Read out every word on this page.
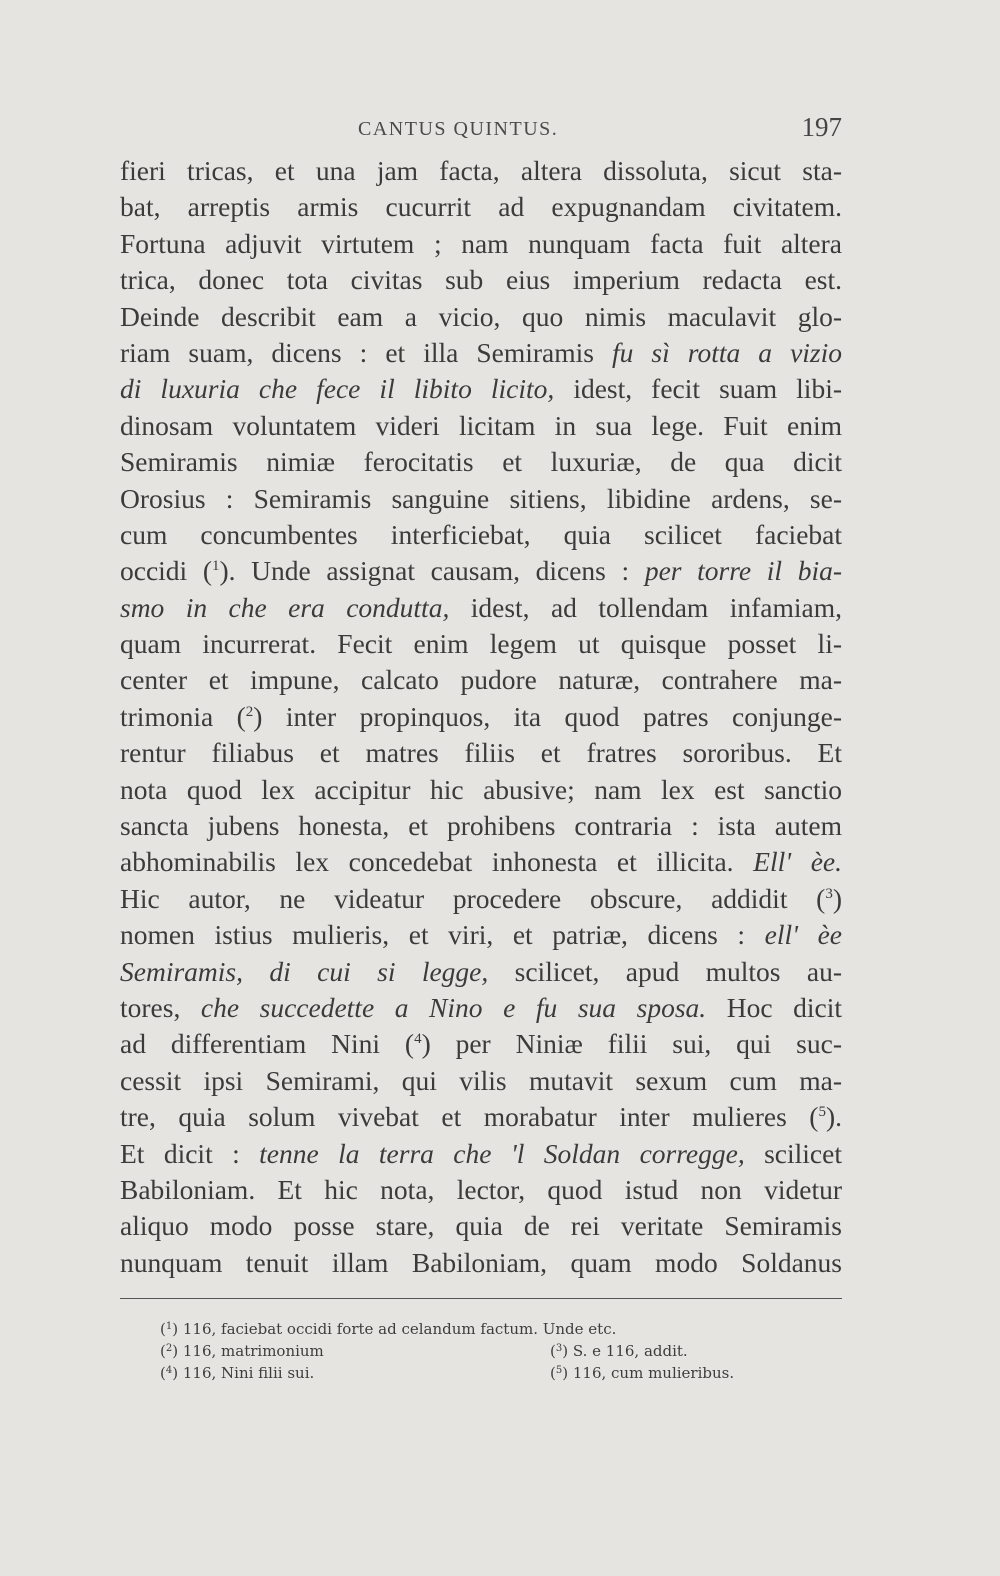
CANTUS QUINTUS.	197
fieri tricas, et una jam facta, altera dissoluta, sicut sta-
bat, arreptis armis cucurrit ad expugnandam civitatem.
Fortuna adjuvit virtutem ; nam nunquam facta fuit altera
trica, donec tota civitas sub eius imperium redacta est.
Deinde describit eam a vicio, quo nimis maculavit glo-
riam suam, dicens : et illa Semiramis fu sì rotta a vizio
di luxuria che fece il libito licito, idest, fecit suam libi-
dinosam voluntatem videri licitam in sua lege. Fuit enim
Semiramis nimiæ ferocitatis et luxuriæ, de qua dicit
Orosius : Semiramis sanguine sitiens, libidine ardens, se-
cum concumbentes interficiebat, quia scilicet faciebat
occidi ($^1$). Unde assignat causam, dicens : per torre il bia-
smo in che era condutta, idest, ad tollendam infamiam,
quam incurrerat. Fecit enim legem ut quisque posset li-
center et impune, calcato pudore naturæ, contrahere ma-
trimonia ($^2$) inter propinquos, ita quod patres conjunge-
rentur filiabus et matres filiis et fratres sororibus. Et
nota quod lex accipitur hic abusive; nam lex est sanctio
sancta jubens honesta, et prohibens contraria : ista autem
abhominabilis lex concedebat inhonesta et illicita. Ell' èe.
Hic autor, ne videatur procedere obscure, addidit ($^3$)
nomen istius mulieris, et viri, et patriæ, dicens : ell' èe
Semiramis, di cui si legge, scilicet, apud multos au-
tores, che succedette a Nino e fu sua sposa. Hoc dicit
ad differentiam Nini ($^4$) per Niniæ filii sui, qui suc-
cessit ipsi Semirami, qui vilis mutavit sexum cum ma-
tre, quia solum vivebat et morabatur inter mulieres ($^5$).
Et dicit : tenne la terra che 'l Soldan corregge, scilicet
Babiloniam. Et hic nota, lector, quod istud non videtur
aliquo modo posse stare, quia de rei veritate Semiramis
nunquam tenuit illam Babiloniam, quam modo Soldanus
($^1$) 116, faciebat occidi forte ad celandum factum. Unde etc.
($^2$) 116, matrimonium	($^3$) S. e 116, addit.
($^4$) 116, Nini filii sui.	($^5$) 116, cum mulieribus.
